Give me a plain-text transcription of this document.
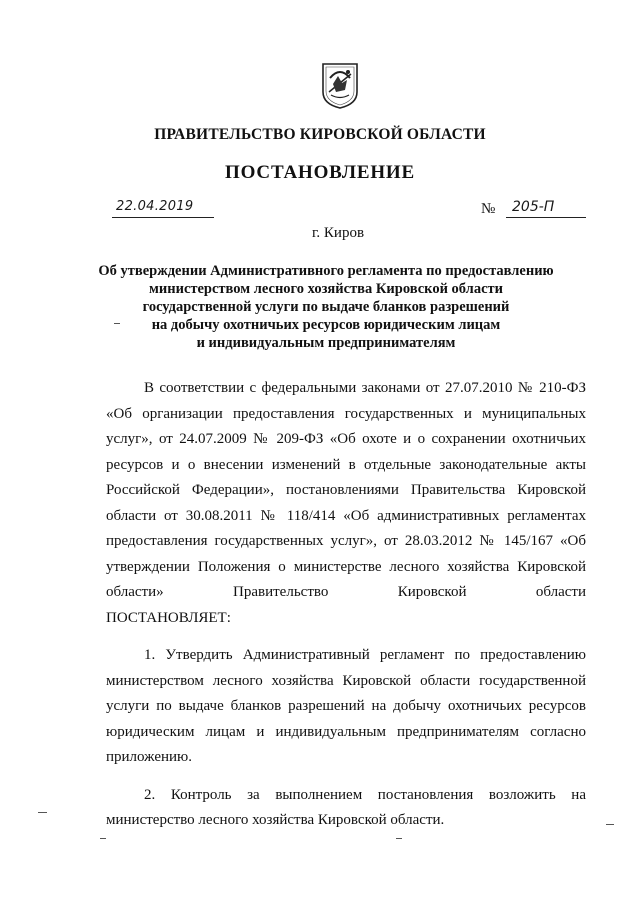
ПРАВИТЕЛЬСТВО КИРОВСКОЙ ОБЛАСТИ
ПОСТАНОВЛЕНИЕ
22.04.2019	№ 205-П
г. Киров
Об утверждении Административного регламента по предоставлению
министерством лесного хозяйства Кировской области
государственной услуги по выдаче бланков разрешений
на добычу охотничьих ресурсов юридическим лицам
и индивидуальным предпринимателям
В соответствии с федеральными законами от 27.07.2010 № 210-ФЗ «Об организации предоставления государственных и муниципальных услуг», от 24.07.2009 № 209-ФЗ «Об охоте и о сохранении охотничьих ресурсов и о внесении изменений в отдельные законодательные акты Российской Федерации», постановлениями Правительства Кировской области от 30.08.2011 № 118/414 «Об административных регламентах предоставления государственных услуг», от 28.03.2012 № 145/167 «Об утверждении Положения о министерстве лесного хозяйства Кировской области» Правительство Кировской области
ПОСТАНОВЛЯЕТ:
1. Утвердить Административный регламент по предоставлению министерством лесного хозяйства Кировской области государственной услуги по выдаче бланков разрешений на добычу охотничьих ресурсов юридическим лицам и индивидуальным предпринимателям согласно приложению.
2. Контроль за выполнением постановления возложить на министерство лесного хозяйства Кировской области.
